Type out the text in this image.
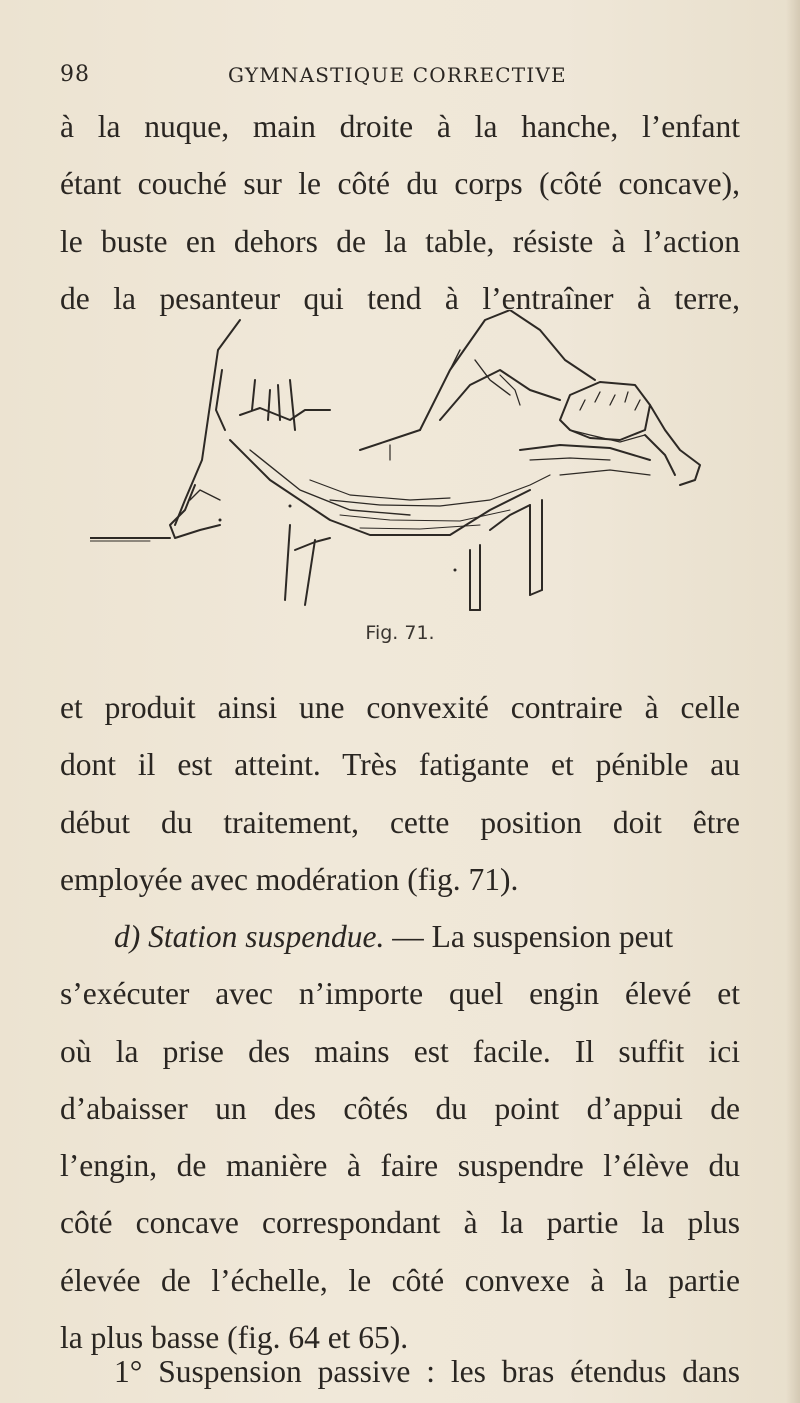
98	GYMNASTIQUE CORRECTIVE
à la nuque, main droite à la hanche, l’enfant
étant couché sur le côté du corps (côté concave),
le buste en dehors de la table, résiste à l’action
de la pesanteur qui tend à l’entraîner à terre,
Fig. 71.
et produit ainsi une convexité contraire à celle
dont il est atteint. Très fatigante et pénible au
début du traitement, cette position doit être
employée avec modération (fig. 71).
d) Station suspendue. — La suspension peut
s’exécuter avec n’importe quel engin élevé et
où la prise des mains est facile. Il suffit ici
d’abaisser un des côtés du point d’appui de
l’engin, de manière à faire suspendre l’élève du
côté concave correspondant à la partie la plus
élevée de l’échelle, le côté convexe à la partie
la plus basse (fig. 64 et 65).
1° Suspension passive : les bras étendus dans
